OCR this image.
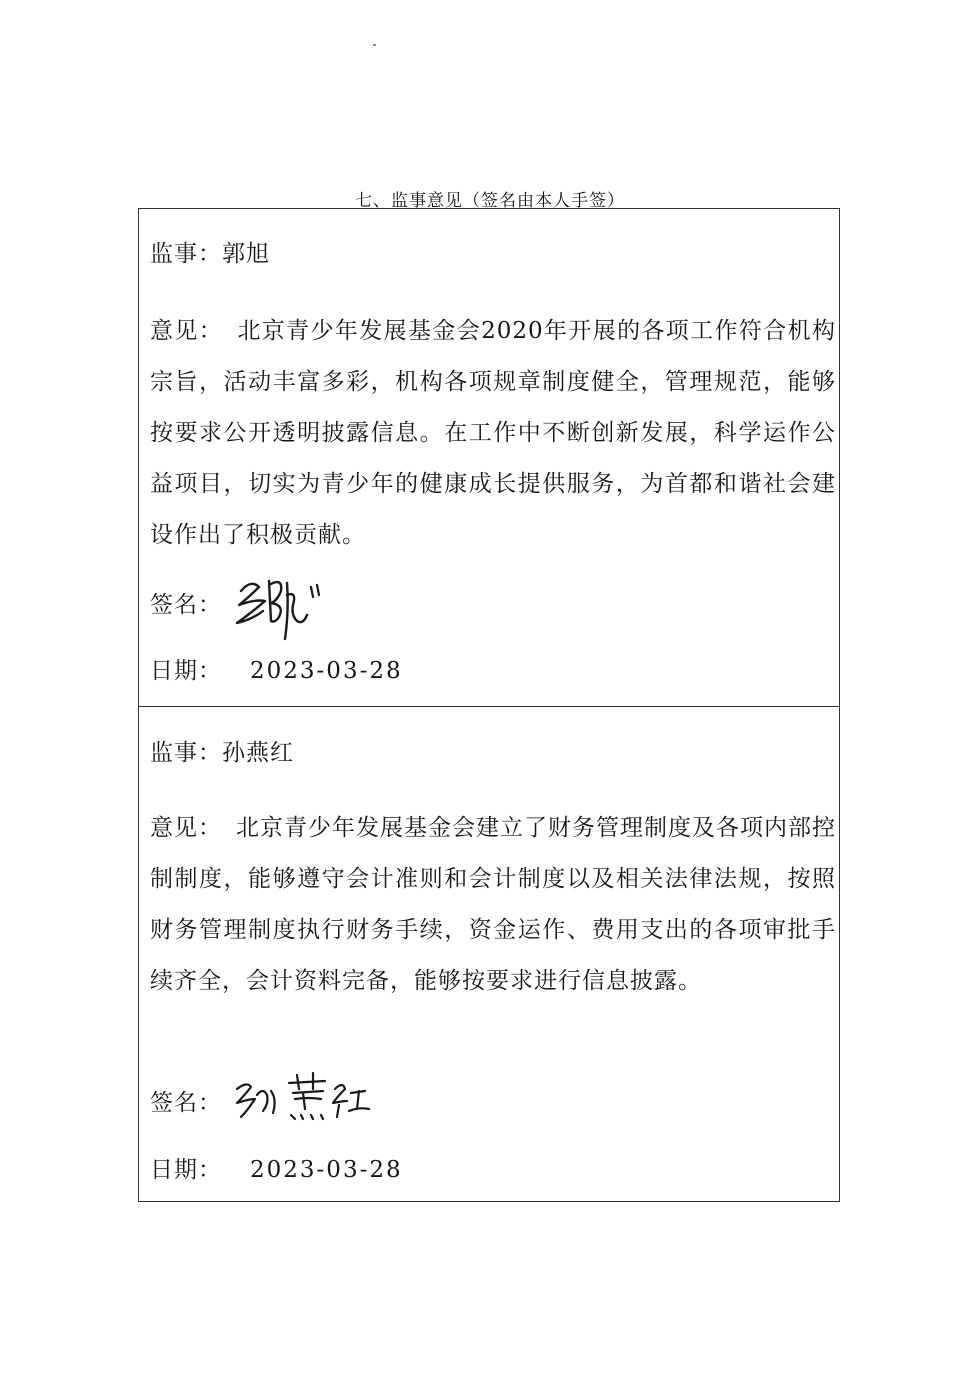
七、监事意见（签名由本人手签）
监事：郭旭
意见： 北京青少年发展基金会2020年开展的各项工作符合机构宗旨，活动丰富多彩，机构各项规章制度健全，管理规范，能够按要求公开透明披露信息。在工作中不断创新发展，科学运作公益项目，切实为青少年的健康成长提供服务，为首都和谐社会建设作出了积极贡献。
签名：
日期： 2023-03-28
监事：孙燕红
意见： 北京青少年发展基金会建立了财务管理制度及各项内部控制制度，能够遵守会计准则和会计制度以及相关法律法规，按照财务管理制度执行财务手续，资金运作、费用支出的各项审批手续齐全，会计资料完备，能够按要求进行信息披露。
签名：
日期： 2023-03-28
